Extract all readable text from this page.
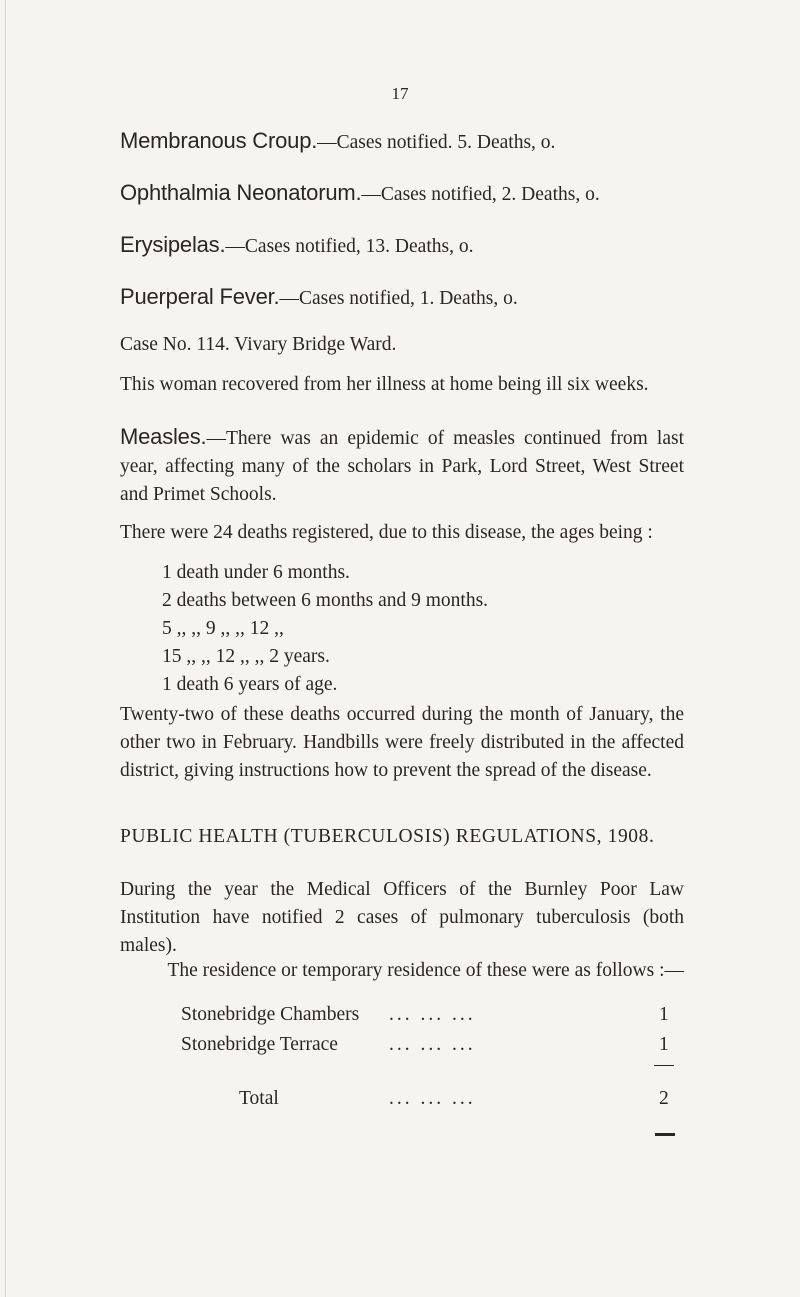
17
Membranous Croup.—Cases notified. 5. Deaths, o.
Ophthalmia Neonatorum.—Cases notified, 2. Deaths, o.
Erysipelas.—Cases notified, 13. Deaths, o.
Puerperal Fever.—Cases notified, 1. Deaths, o.
Case No. 114. Vivary Bridge Ward.
This woman recovered from her illness at home being ill six weeks.
Measles.—There was an epidemic of measles continued from last year, affecting many of the scholars in Park, Lord Street, West Street and Primet Schools.
There were 24 deaths registered, due to this disease, the ages being :
1 death under 6 months.
2 deaths between 6 months and 9 months.
5 ,, ,, 9 ,, ,, 12 ,,
15 ,, ,, 12 ,, ,, 2 years.
1 death 6 years of age.
Twenty-two of these deaths occurred during the month of January, the other two in February. Handbills were freely distributed in the affected district, giving instructions how to prevent the spread of the disease.
PUBLIC HEALTH (TUBERCULOSIS) REGULATIONS, 1908.
During the year the Medical Officers of the Burnley Poor Law Institution have notified 2 cases of pulmonary tuberculosis (both males).
The residence or temporary residence of these were as follows :—
Stonebridge Chambers ... ... ...	1
Stonebridge Terrace	... ... ...	1
Total	... ... ...	2
